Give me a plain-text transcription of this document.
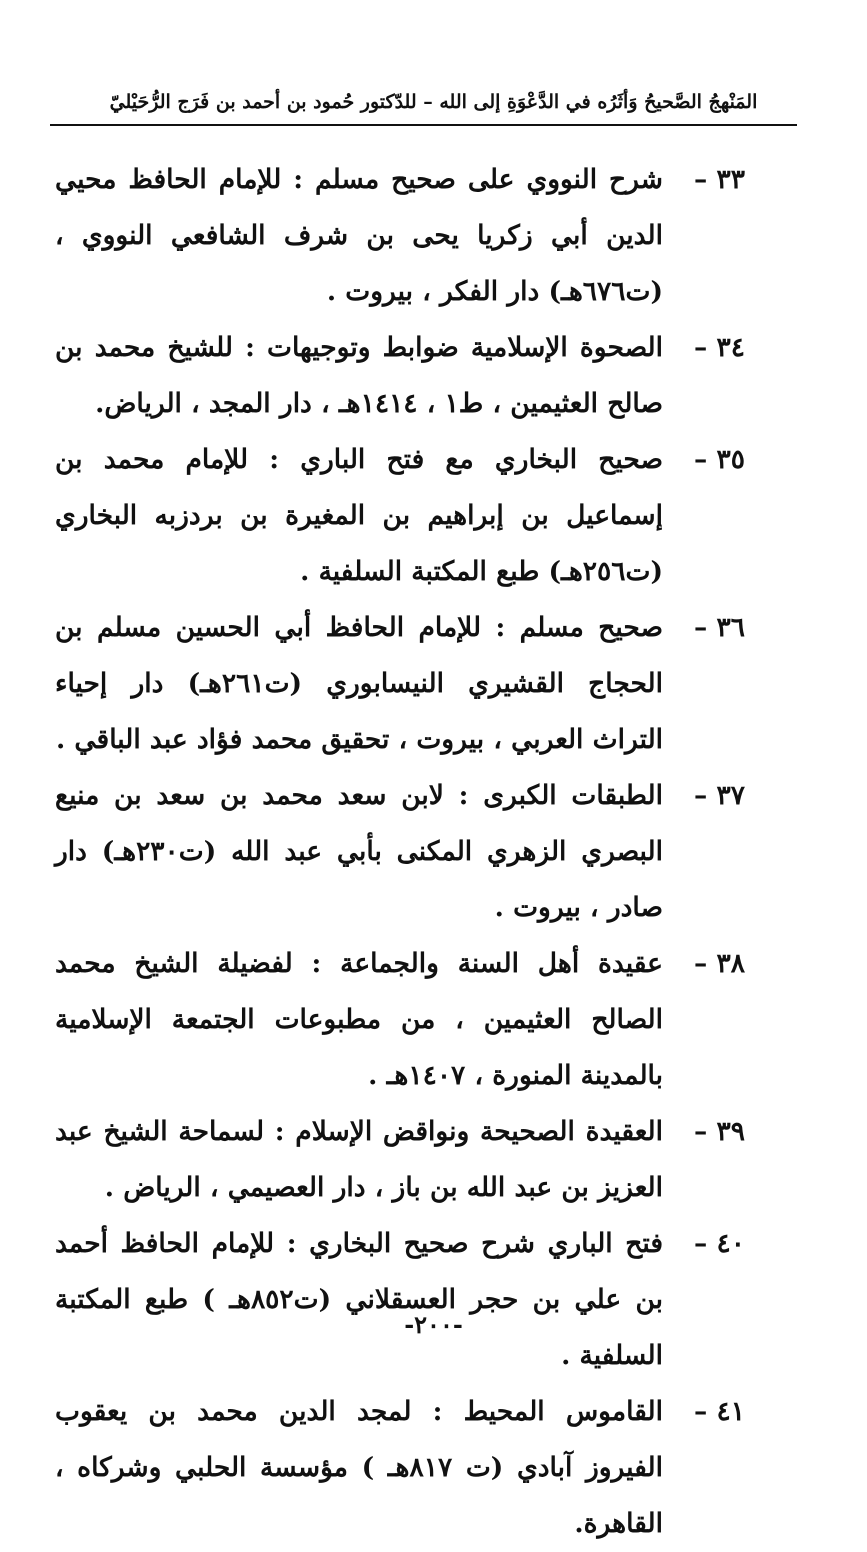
المَنْهجُ الصَّحيحُ وَأثَرُه في الدَّعْوَةِ إلى الله – للدّكتور حُمود بن أحمد بن فَرَج الرُّحَيْليّ
٣٣ –
شرح النووي على صحيح مسلم : للإمام الحافظ محيي الدين أبي زكريا يحى بن شرف الشافعي النووي ، (ت٦٧٦هـ) دار الفكر ، بيروت .
٣٤ –
الصحوة الإسلامية ضوابط وتوجيهات : للشيخ محمد بن صالح العثيمين ، ط١ ، ١٤١٤هـ ، دار المجد ، الرياض.
٣٥ –
صحيح البخاري مع فتح الباري : للإمام محمد بن إسماعيل بن إبراهيم بن المغيرة بن بردزبه البخاري (ت٢٥٦هـ) طبع المكتبة السلفية .
٣٦ –
صحيح مسلم : للإمام الحافظ أبي الحسين مسلم بن الحجاج القشيري النيسابوري (ت٢٦١هـ) دار إحياء التراث العربي ، بيروت ، تحقيق محمد فؤاد عبد الباقي .
٣٧ –
الطبقات الكبرى : لابن سعد محمد بن سعد بن منيع البصري الزهري المكنى بأبي عبد الله (ت٢٣٠هـ) دار صادر ، بيروت .
٣٨ –
عقيدة أهل السنة والجماعة : لفضيلة الشيخ محمد الصالح العثيمين ، من مطبوعات الجتمعة الإسلامية بالمدينة المنورة ، ١٤٠٧هـ .
٣٩ –
العقيدة الصحيحة ونواقض الإسلام : لسماحة الشيخ عبد العزيز بن عبد الله بن باز ، دار العصيمي ، الرياض .
٤٠ –
فتح الباري شرح صحيح البخاري : للإمام الحافظ أحمد بن علي بن حجر العسقلاني (ت٨٥٢هـ ) طبع المكتبة السلفية .
٤١ –
القاموس المحيط : لمجد الدين محمد بن يعقوب الفيروز آبادي (ت ٨١٧هـ ) مؤسسة الحلبي وشركاه ، القاهرة.
-٢٠٠-
